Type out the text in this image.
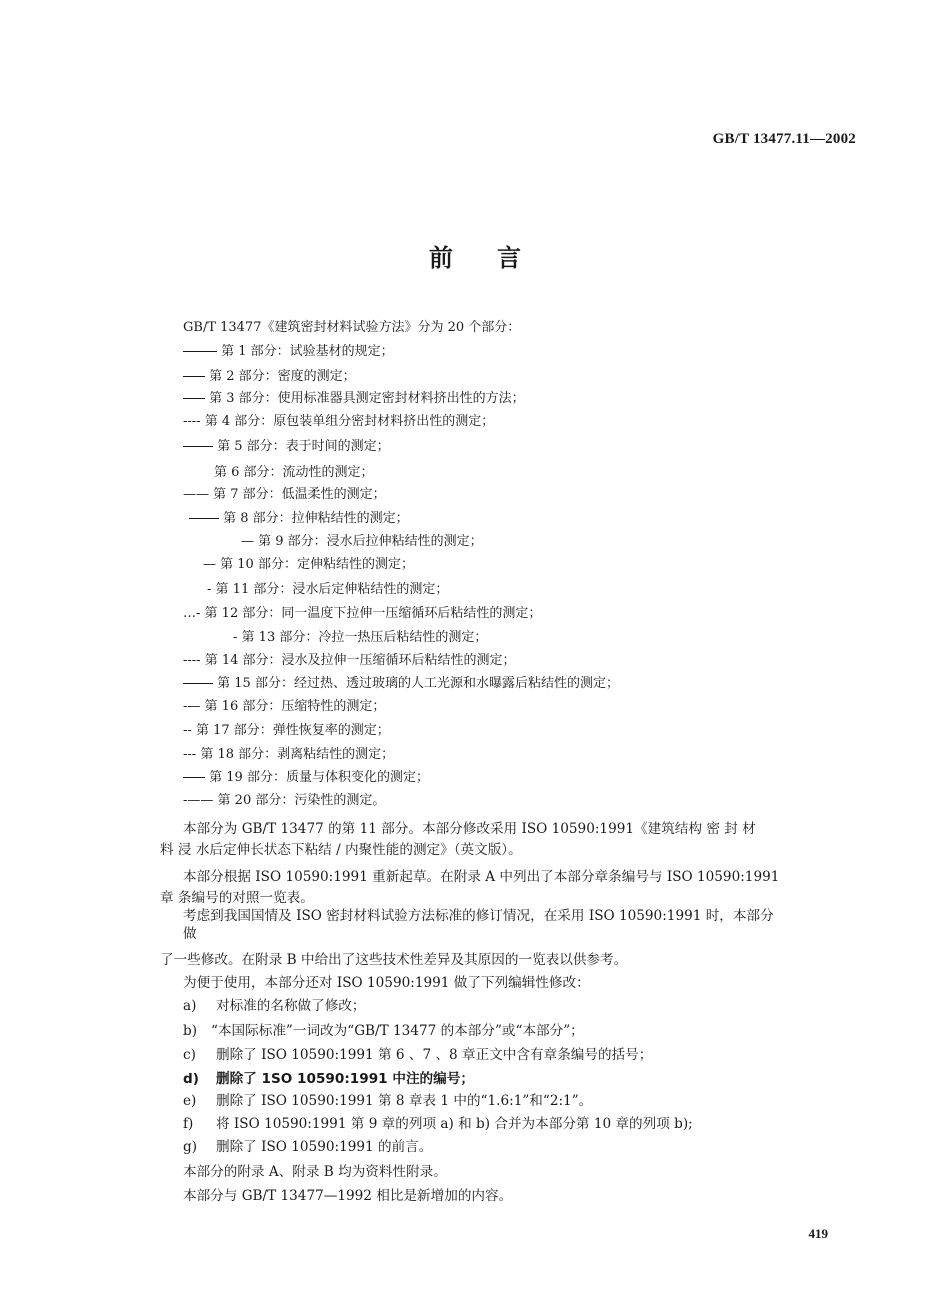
GB/T 13477.11—2002
前言
GB/T 13477《建筑密封材料试验方法》分为 20 个部分：
第 1 部分：试验基材的规定；
第 2 部分：密度的测定；
第 3 部分：使用标准器具测定密封材料挤出性的方法；
---- 第 4 部分：原包装单组分密封材料挤出性的测定；
第 5 部分：表于时间的测定；
第 6 部分：流动性的测定；
—— 第 7 部分：低温柔性的测定；
第 8 部分：拉伸粘结性的测定；
— 第 9 部分：浸水后拉伸粘结性的测定；
— 第 10 部分：定伸粘结性的测定；
- 第 11 部分：浸水后定伸粘结性的测定；
…- 第 12 部分：同一温度下拉伸一压缩循环后粘结性的测定；
- 第 13 部分：冷拉一热压后粘结性的测定；
---- 第 14 部分：浸水及拉伸一压缩循环后粘结性的测定；
第 15 部分：经过热、透过玻璃的人工光源和水曝露后粘结性的测定；
-— 第 16 部分：压缩特性的测定；
-- 第 17 部分：弹性恢复率的测定；
--- 第 18 部分：剥离粘结性的测定；
第 19 部分：质量与体积变化的测定；
-—— 第 20 部分：污染性的测定。
本部分为 GB/T 13477 的第 11 部分。本部分修改采用 ISO 10590:1991《建筑结构 密 封 材
料 浸 水后定伸长状态下粘结 / 内聚性能的测定》（英文版）。
本部分根据 ISO 10590:1991 重新起草。在附录 A 中列出了本部分章条编号与 ISO 10590:1991
章 条编号的对照一览表。
考虑到我国国情及 ISO 密封材料试验方法标准的修订情况，在采用 ISO 10590:1991 时，本部分
做
了一些修改。在附录 B 中给出了这些技术性差异及其原因的一览表以供参考。
为便于使用，本部分还对 ISO 10590:1991 做了下列编辑性修改：
a) 对标准的名称做了修改；
b) “本国际标准”一词改为“GB/T 13477 的本部分”或“本部分”；
c) 删除了 ISO 10590:1991 第 6 、7 、8 章正文中含有章条编号的括号；
d) 删除了 1SO 10590:1991 中注的编号；
e) 删除了 ISO 10590:1991 第 8 章表 1 中的“1.6:1”和“2:1”。
f) 将 ISO 10590:1991 第 9 章的列项 a) 和 b) 合并为本部分第 10 章的列项 b);
g) 删除了 ISO 10590:1991 的前言。
本部分的附录 A、附录 B 均为资料性附录。
本部分与 GB/T 13477—1992 相比是新增加的内容。
419
